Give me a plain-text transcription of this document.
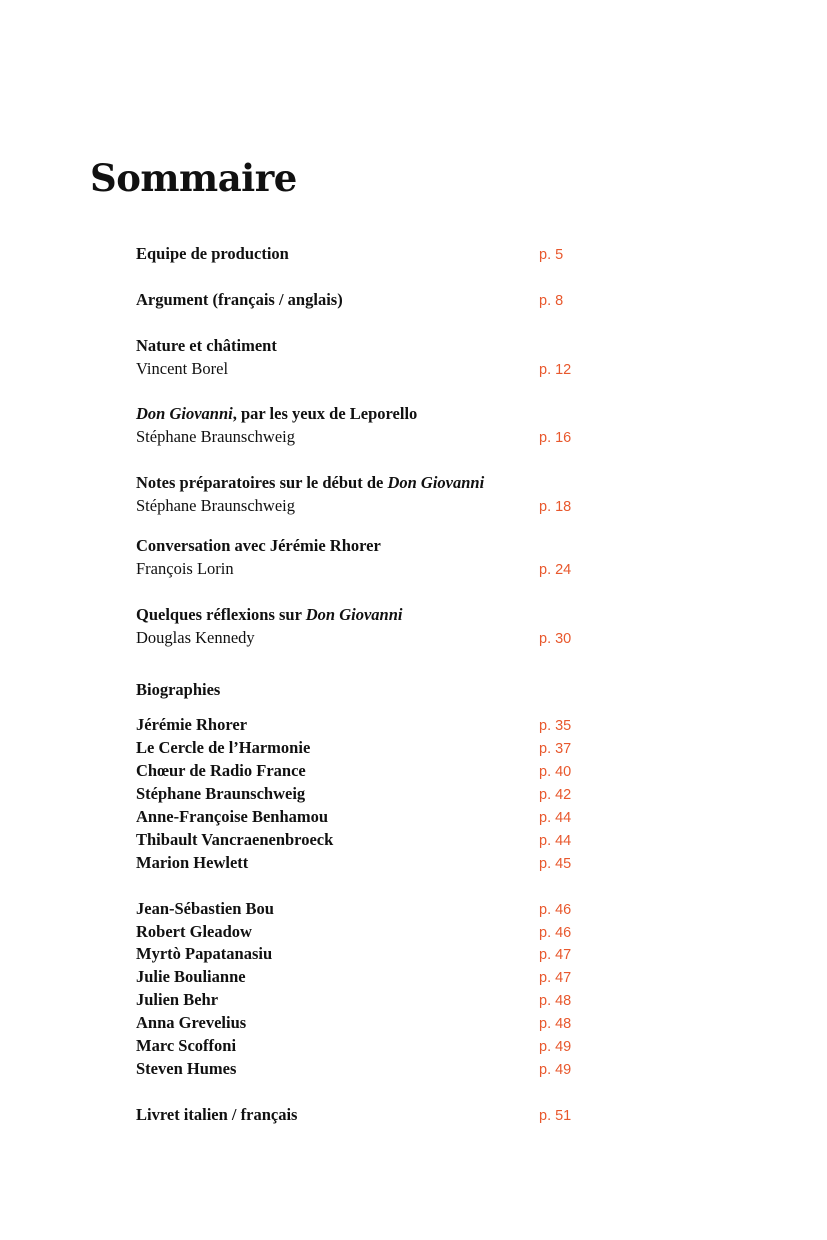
Sommaire
Equipe de production	p. 5
Argument (français / anglais)	p. 8
Nature et châtiment
Vincent Borel	p. 12
Don Giovanni, par les yeux de Leporello
Stéphane Braunschweig	p. 16
Notes préparatoires sur le début de Don Giovanni
Stéphane Braunschweig	p. 18
Conversation avec Jérémie Rhorer
François Lorin	p. 24
Quelques réflexions sur Don Giovanni
Douglas Kennedy	p. 30
Biographies
Jérémie Rhorer	p. 35
Le Cercle de l’Harmonie	p. 37
Chœur de Radio France	p. 40
Stéphane Braunschweig	p. 42
Anne-Françoise Benhamou	p. 44
Thibault Vancraenenbroeck	p. 44
Marion Hewlett	p. 45
Jean-Sébastien Bou	p. 46
Robert Gleadow	p. 46
Myrtò Papatanasiu	p. 47
Julie Boulianne	p. 47
Julien Behr	p. 48
Anna Grevelius	p. 48
Marc Scoffoni	p. 49
Steven Humes	p. 49
Livret italien / français	p. 51
